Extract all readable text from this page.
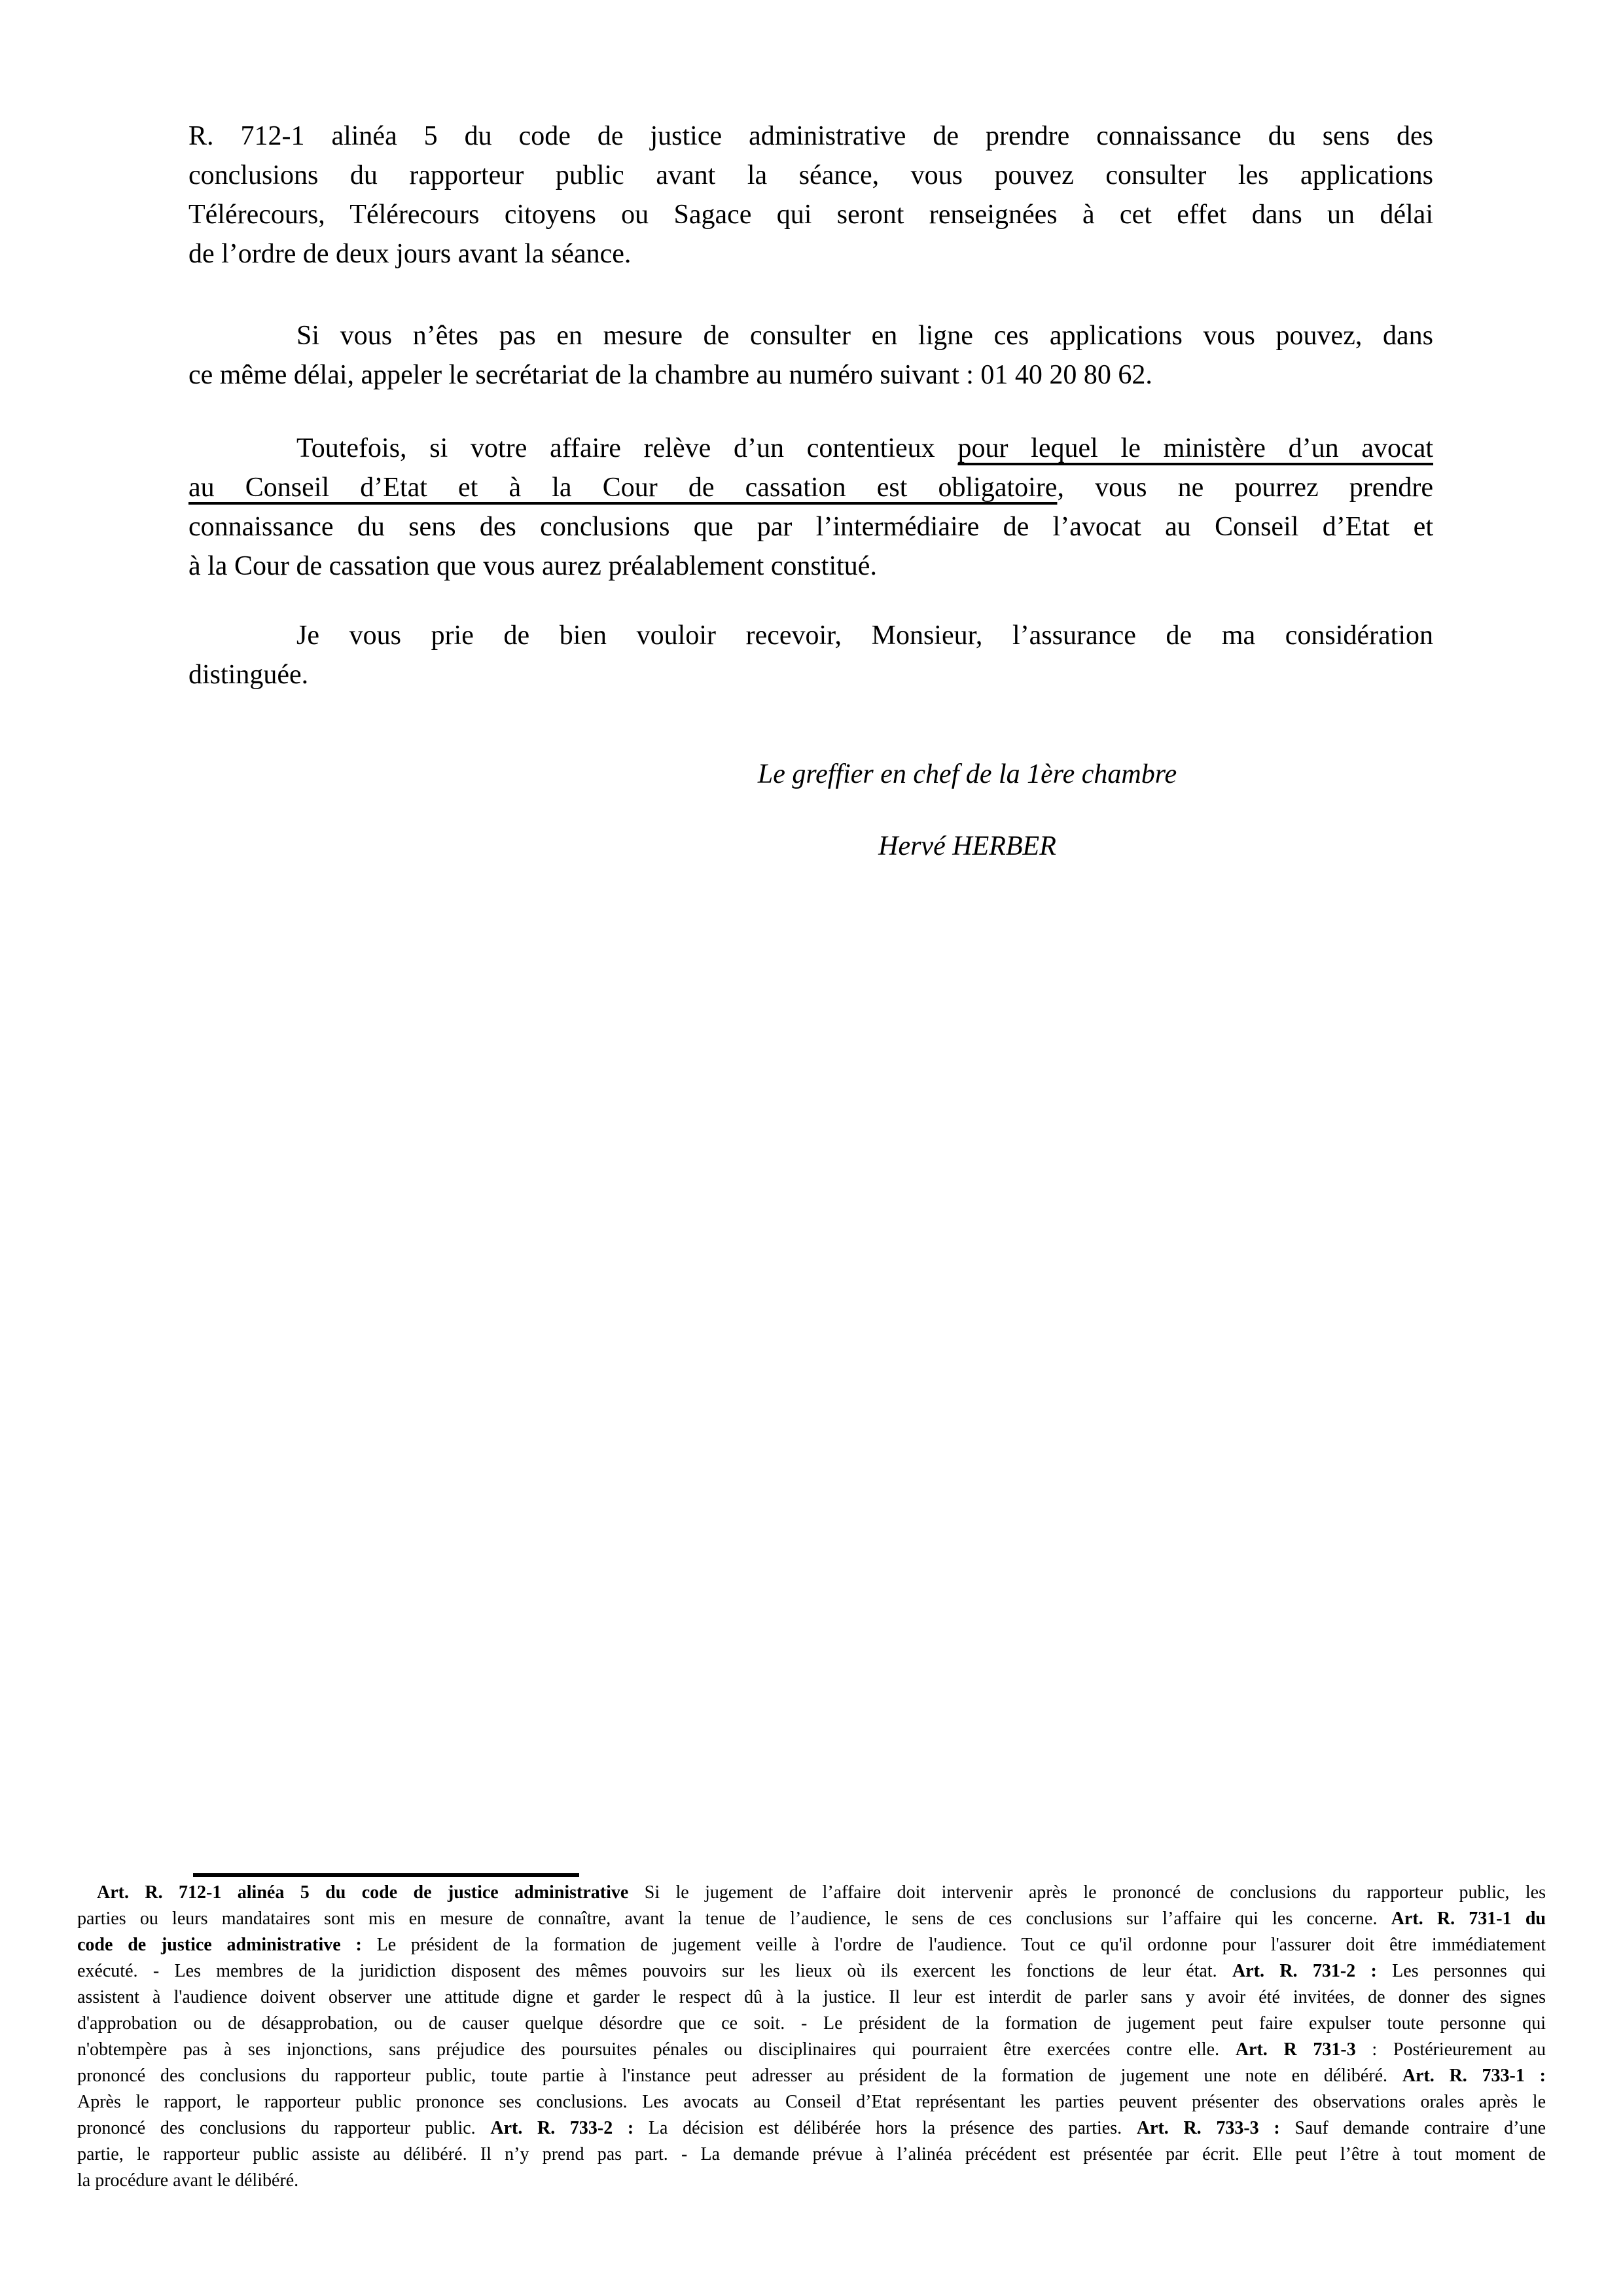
R. 712-1 alinéa 5 du code de justice administrative de prendre connaissance du sens des
conclusions du rapporteur public avant la séance, vous pouvez consulter les applications
Télérecours, Télérecours citoyens ou Sagace qui seront renseignées à cet effet dans un délai
de l’ordre de deux jours avant la séance.
Si vous n’êtes pas en mesure de consulter en ligne ces applications vous pouvez, dans
ce même délai, appeler le secrétariat de la chambre au numéro suivant : 01 40 20 80 62.
Toutefois, si votre affaire relève d’un contentieux pour lequel le ministère d’un avocat
au Conseil d’Etat et à la Cour de cassation est obligatoire, vous ne pourrez prendre
connaissance du sens des conclusions que par l’intermédiaire de l’avocat au Conseil d’Etat et
à la Cour de cassation que vous aurez préalablement constitué.
Je vous prie de bien vouloir recevoir, Monsieur, l’assurance de ma considération
distinguée.
Le greffier en chef de la 1ère chambre
Hervé HERBER
Art. R. 712-1 alinéa 5 du code de justice administrative Si le jugement de l’affaire doit intervenir après le prononcé de conclusions du rapporteur public, les
parties ou leurs mandataires sont mis en mesure de connaître, avant la tenue de l’audience, le sens de ces conclusions sur l’affaire qui les concerne. Art. R. 731-1 du
code de justice administrative : Le président de la formation de jugement veille à l'ordre de l'audience. Tout ce qu'il ordonne pour l'assurer doit être immédiatement
exécuté. - Les membres de la juridiction disposent des mêmes pouvoirs sur les lieux où ils exercent les fonctions de leur état. Art. R. 731-2 : Les personnes qui
assistent à l'audience doivent observer une attitude digne et garder le respect dû à la justice. Il leur est interdit de parler sans y avoir été invitées, de donner des signes
d'approbation ou de désapprobation, ou de causer quelque désordre que ce soit. - Le président de la formation de jugement peut faire expulser toute personne qui
n'obtempère pas à ses injonctions, sans préjudice des poursuites pénales ou disciplinaires qui pourraient être exercées contre elle. Art. R 731-3 : Postérieurement au
prononcé des conclusions du rapporteur public, toute partie à l'instance peut adresser au président de la formation de jugement une note en délibéré. Art. R. 733-1 :
Après le rapport, le rapporteur public prononce ses conclusions. Les avocats au Conseil d’Etat représentant les parties peuvent présenter des observations orales après le
prononcé des conclusions du rapporteur public. Art. R. 733-2 : La décision est délibérée hors la présence des parties. Art. R. 733-3 : Sauf demande contraire d’une
partie, le rapporteur public assiste au délibéré. Il n’y prend pas part. - La demande prévue à l’alinéa précédent est présentée par écrit. Elle peut l’être à tout moment de
la procédure avant le délibéré.
